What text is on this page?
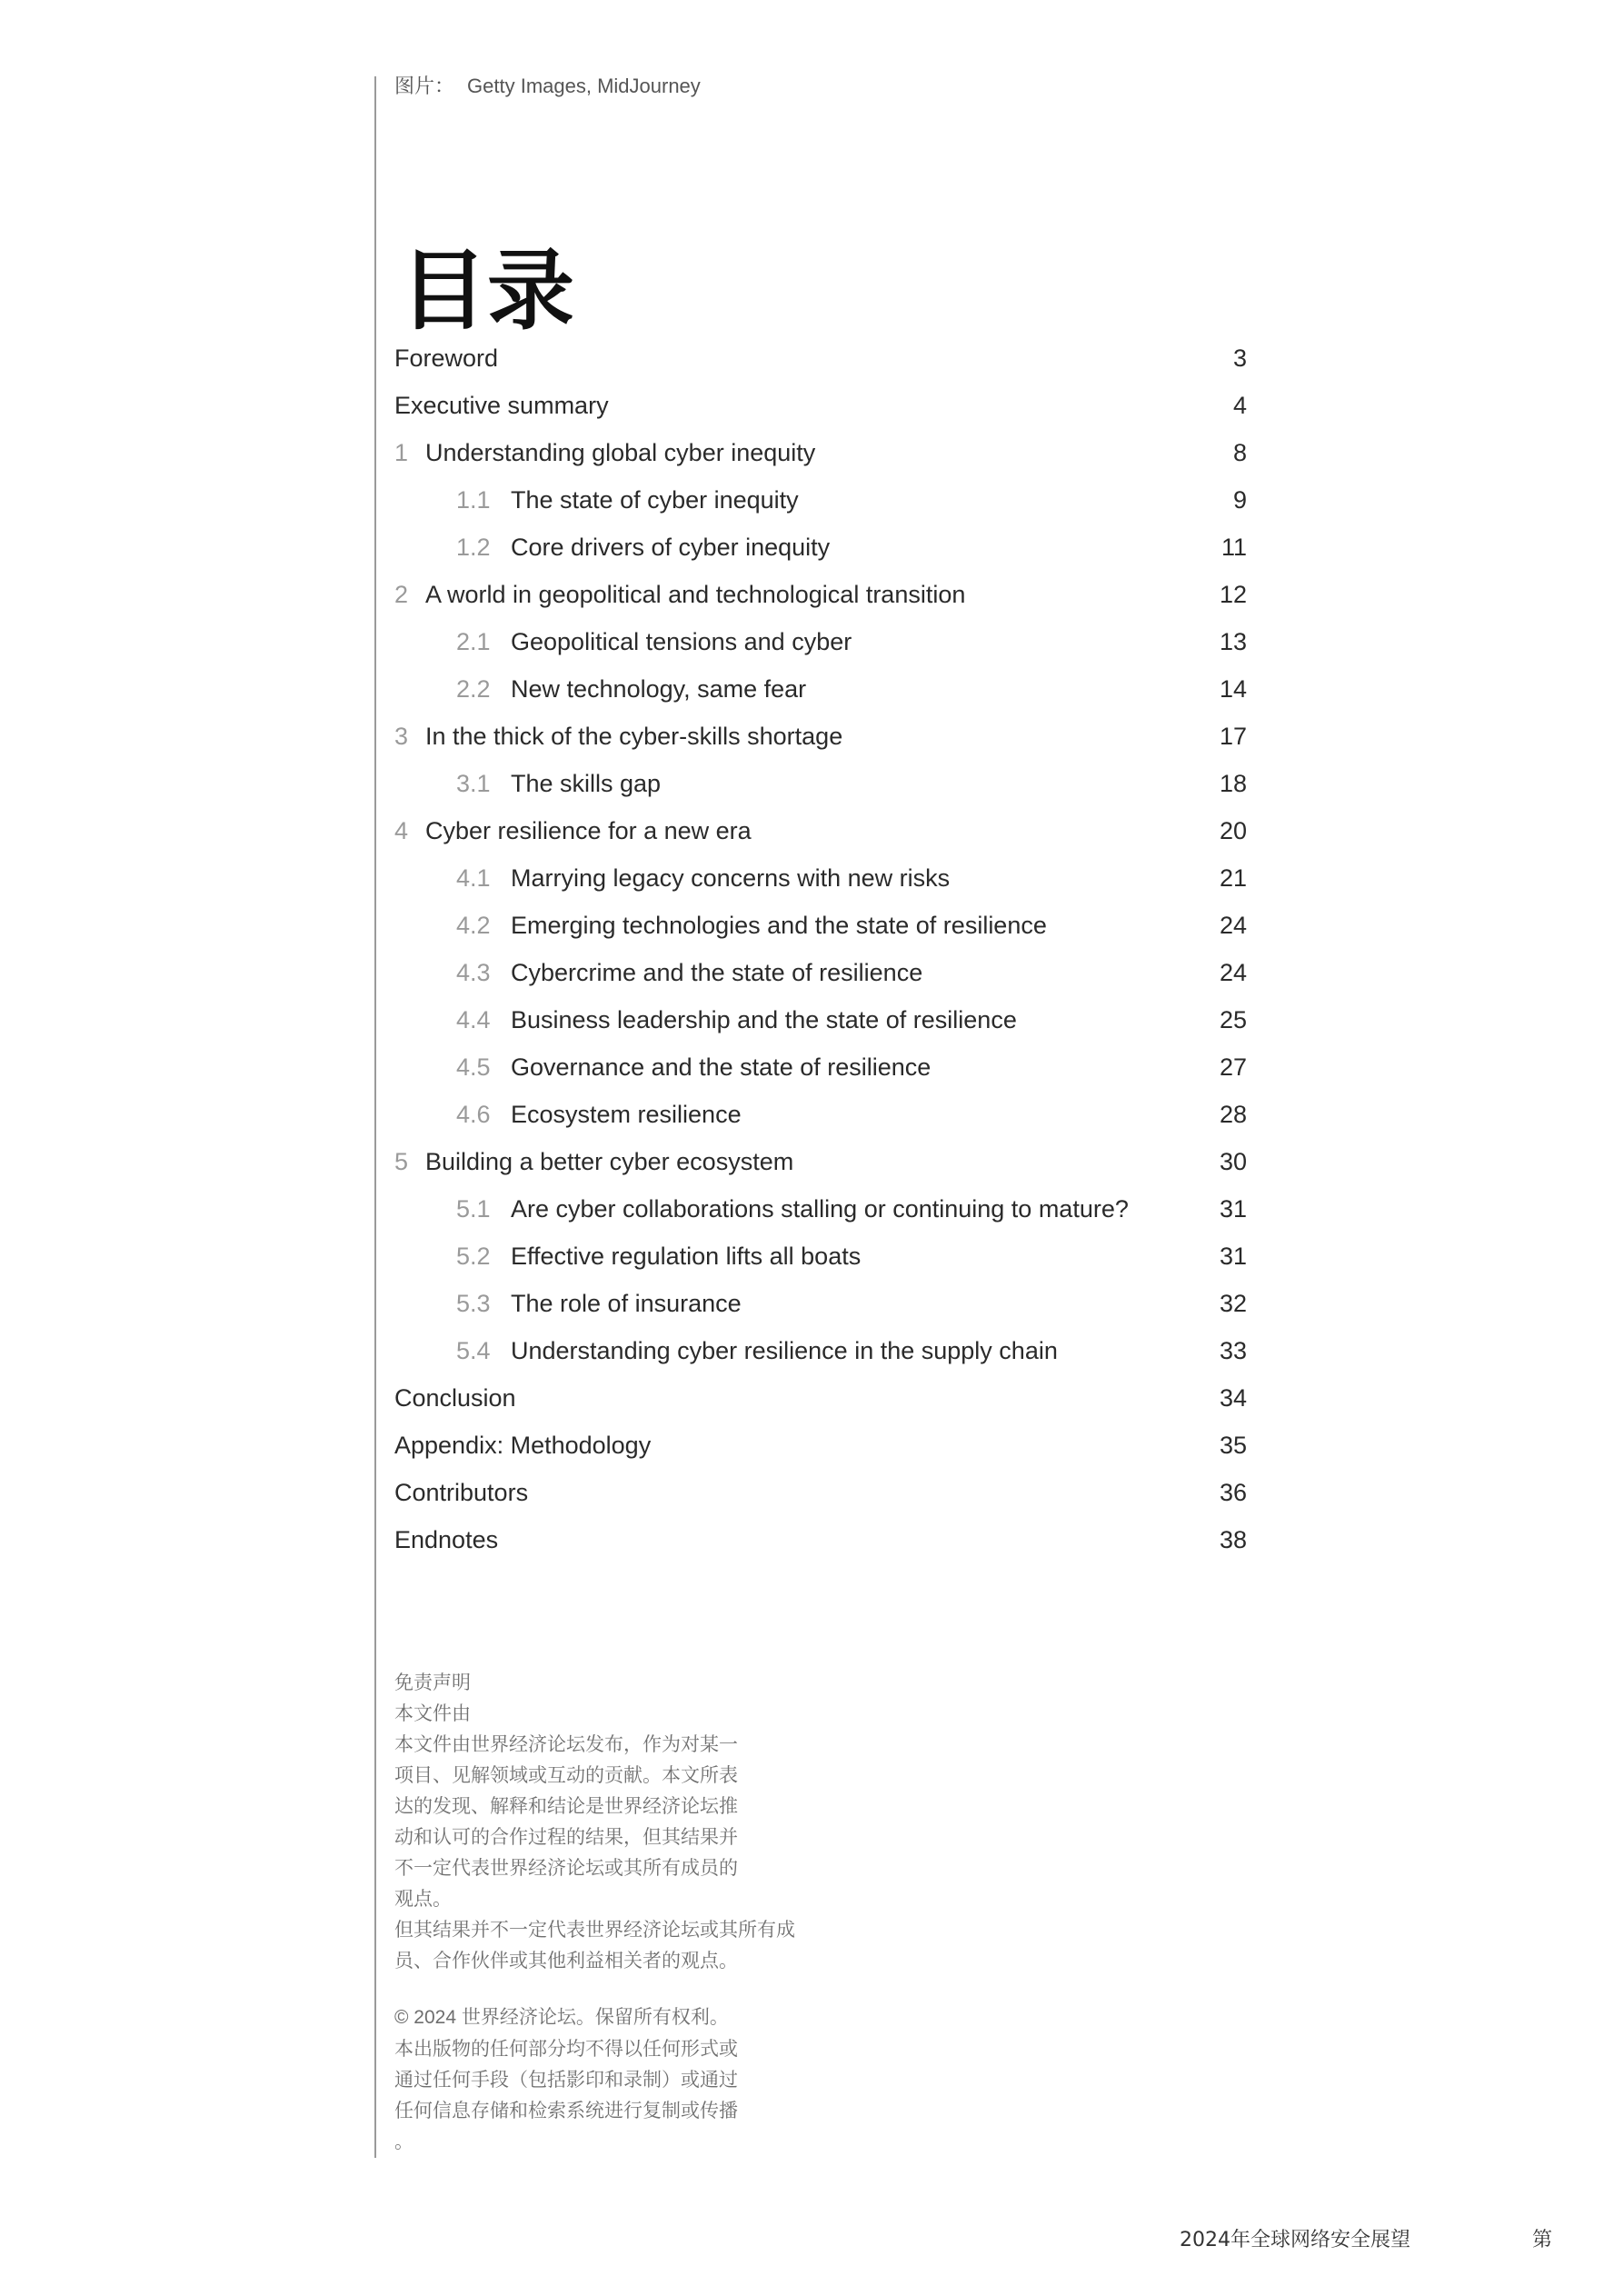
图片： Getty Images, MidJourney
目录
Foreword	3
Executive summary	4
1 Understanding global cyber inequity	8
1.1 The state of cyber inequity	9
1.2 Core drivers of cyber inequity	11
2 A world in geopolitical and technological transition	12
2.1 Geopolitical tensions and cyber	13
2.2 New technology, same fear	14
3 In the thick of the cyber-skills shortage	17
3.1 The skills gap	18
4 Cyber resilience for a new era	20
4.1 Marrying legacy concerns with new risks	21
4.2 Emerging technologies and the state of resilience	24
4.3 Cybercrime and the state of resilience	24
4.4 Business leadership and the state of resilience	25
4.5 Governance and the state of resilience	27
4.6 Ecosystem resilience	28
5 Building a better cyber ecosystem	30
5.1 Are cyber collaborations stalling or continuing to mature?	31
5.2 Effective regulation lifts all boats	31
5.3 The role of insurance	32
5.4 Understanding cyber resilience in the supply chain	33
Conclusion	34
Appendix: Methodology	35
Contributors	36
Endnotes	38
免责声明
本文件由
本文件由世界经济论坛发布，作为对某一
项目、见解领域或互动的贡献。本文所表
达的发现、解释和结论是世界经济论坛推
动和认可的合作过程的结果，但其结果并
不一定代表世界经济论坛或其所有成员的
观点。
但其结果并不一定代表世界经济论坛或其所有成
员、合作伙伴或其他利益相关者的观点。
© 2024 世界经济论坛。保留所有权利。
本出版物的任何部分均不得以任何形式或
通过任何手段（包括影印和录制）或通过
任何信息存储和检索系统进行复制或传播
。
2024年全球网络安全展望	第
